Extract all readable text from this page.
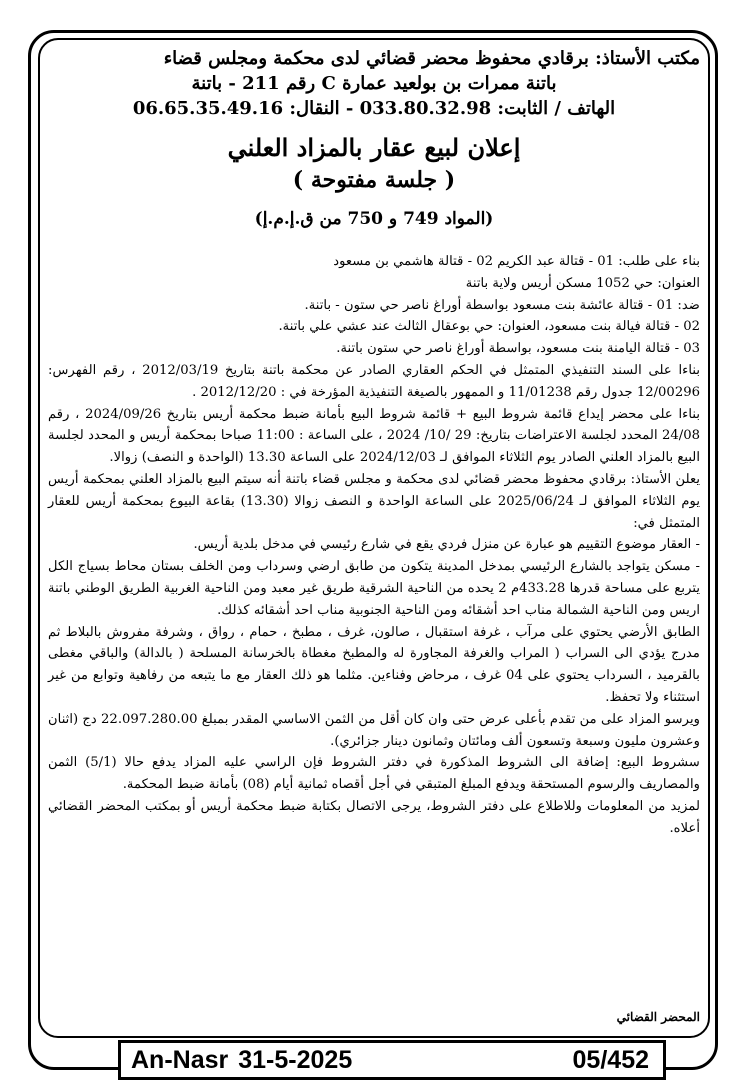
مكتب الأستاذ: برقادي محفوظ محضر قضائي لدى محكمة ومجلس قضاء
باتنة ممرات بن بولعيد عمارة C رقم 211 - باتنة
الهاتف / الثابت: 033.80.32.98 - النقال: 06.65.35.49.16
إعلان لبيع عقار بالمزاد العلني
( جلسة مفتوحة )
(المواد 749 و 750 من ق.إ.م.إ)

بناء على طلب: 01 - قتالة عبد الكريم 02 - قتالة هاشمي بن مسعود

العنوان: حي 1052 مسكن أريس ولاية باتنة

ضد: 01 - قتالة عائشة بنت مسعود بواسطة أوراغ ناصر حي ستون - باتنة.

02 - قتالة فيالة بنت مسعود، العنوان: حي بوعقال الثالث عند عشي علي باتنة.

03 - قتالة اليامنة بنت مسعود، بواسطة أوراغ ناصر حي ستون باتنة.

بناءا على السند التنفيذي المتمثل في الحكم العقاري الصادر عن محكمة باتنة بتاريخ 2012/03/19 ، رقم الفهرس: 12/00296 جدول رقم 11/01238 و الممهور بالصيغة التنفيذية المؤرخة في : 2012/12/20 .

بناءا على محضر إيداع قائمة شروط البيع + قائمة شروط البيع بأمانة ضبط محكمة أريس بتاريخ 2024/09/26 ، رقم 24/08 المحدد لجلسة الاعتراضات بتاريخ: 29 /10/ 2024 ، على الساعة : 11:00 صباحا بمحكمة أريس و المحدد لجلسة البيع بالمزاد العلني الصادر يوم الثلاثاء الموافق لـ 2024/12/03 على الساعة 13.30 (الواحدة و النصف) زوالا.

يعلن الأستاذ: برقادي محفوظ محضر قضائي لدى محكمة و مجلس قضاء باتنة أنه سيتم البيع بالمزاد العلني بمحكمة أريس يوم الثلاثاء الموافق لـ 2025/06/24 على الساعة الواحدة و النصف زوالا (13.30) بقاعة البيوع بمحكمة أريس للعقار المتمثل في:

- العقار موضوع التقييم هو عبارة عن منزل فردي يقع في شارع رئيسي في مدخل بلدية أريس.

- مسكن يتواجد بالشارع الرئيسي بمدخل المدينة يتكون من طابق ارضي وسرداب ومن الخلف بستان محاط بسياج الكل يتربع على مساحة قدرها 433.28م 2 يحده من الناحية الشرقية طريق غير معبد ومن الناحية الغربية الطريق الوطني باتنة اريس ومن الناحية الشمالة مناب احد أشقائه ومن الناحية الجنوبية مناب احد أشقائه كذلك.

الطابق الأرضي يحتوي على مرآب ، غرفة استقبال ، صالون، غرف ، مطبخ ، حمام ، رواق ، وشرفة مفروش بالبلاط ثم مدرج يؤدي الى السراب ( المراب والغرفة المجاورة له والمطبخ مغطاة بالخرسانة المسلحة ( بالدالة) والباقي مغطى بالقرميد ، السرداب يحتوي على 04 غرف ، مرحاض وفناءين. مثلما هو ذلك العقار مع ما يتبعه من رفاهية وتوابع من غير استثناء ولا تحفظ.

ويرسو المزاد على من تقدم بأعلى عرض حتى وان كان أقل من الثمن الاساسي المقدر بمبلغ 22.097.280.00 دج (اثنان وعشرون مليون وسبعة وتسعون ألف ومائتان وثمانون دينار جزائري).

سشروط البيع: إضافة الى الشروط المذكورة في دفتر الشروط فإن الراسي عليه المزاد يدفع حالا (5/1) الثمن والمصاريف والرسوم المستحقة ويدفع المبلغ المتبقي في أجل أقصاه ثمانية أيام (08) بأمانة ضبط المحكمة.

لمزيد من المعلومات وللاطلاع على دفتر الشروط، يرجى الاتصال بكتابة ضبط محكمة أريس أو بمكتب المحضر القضائي أعلاه.

المحضر القضائي
An-Nasr 31-5-2025	05/452
